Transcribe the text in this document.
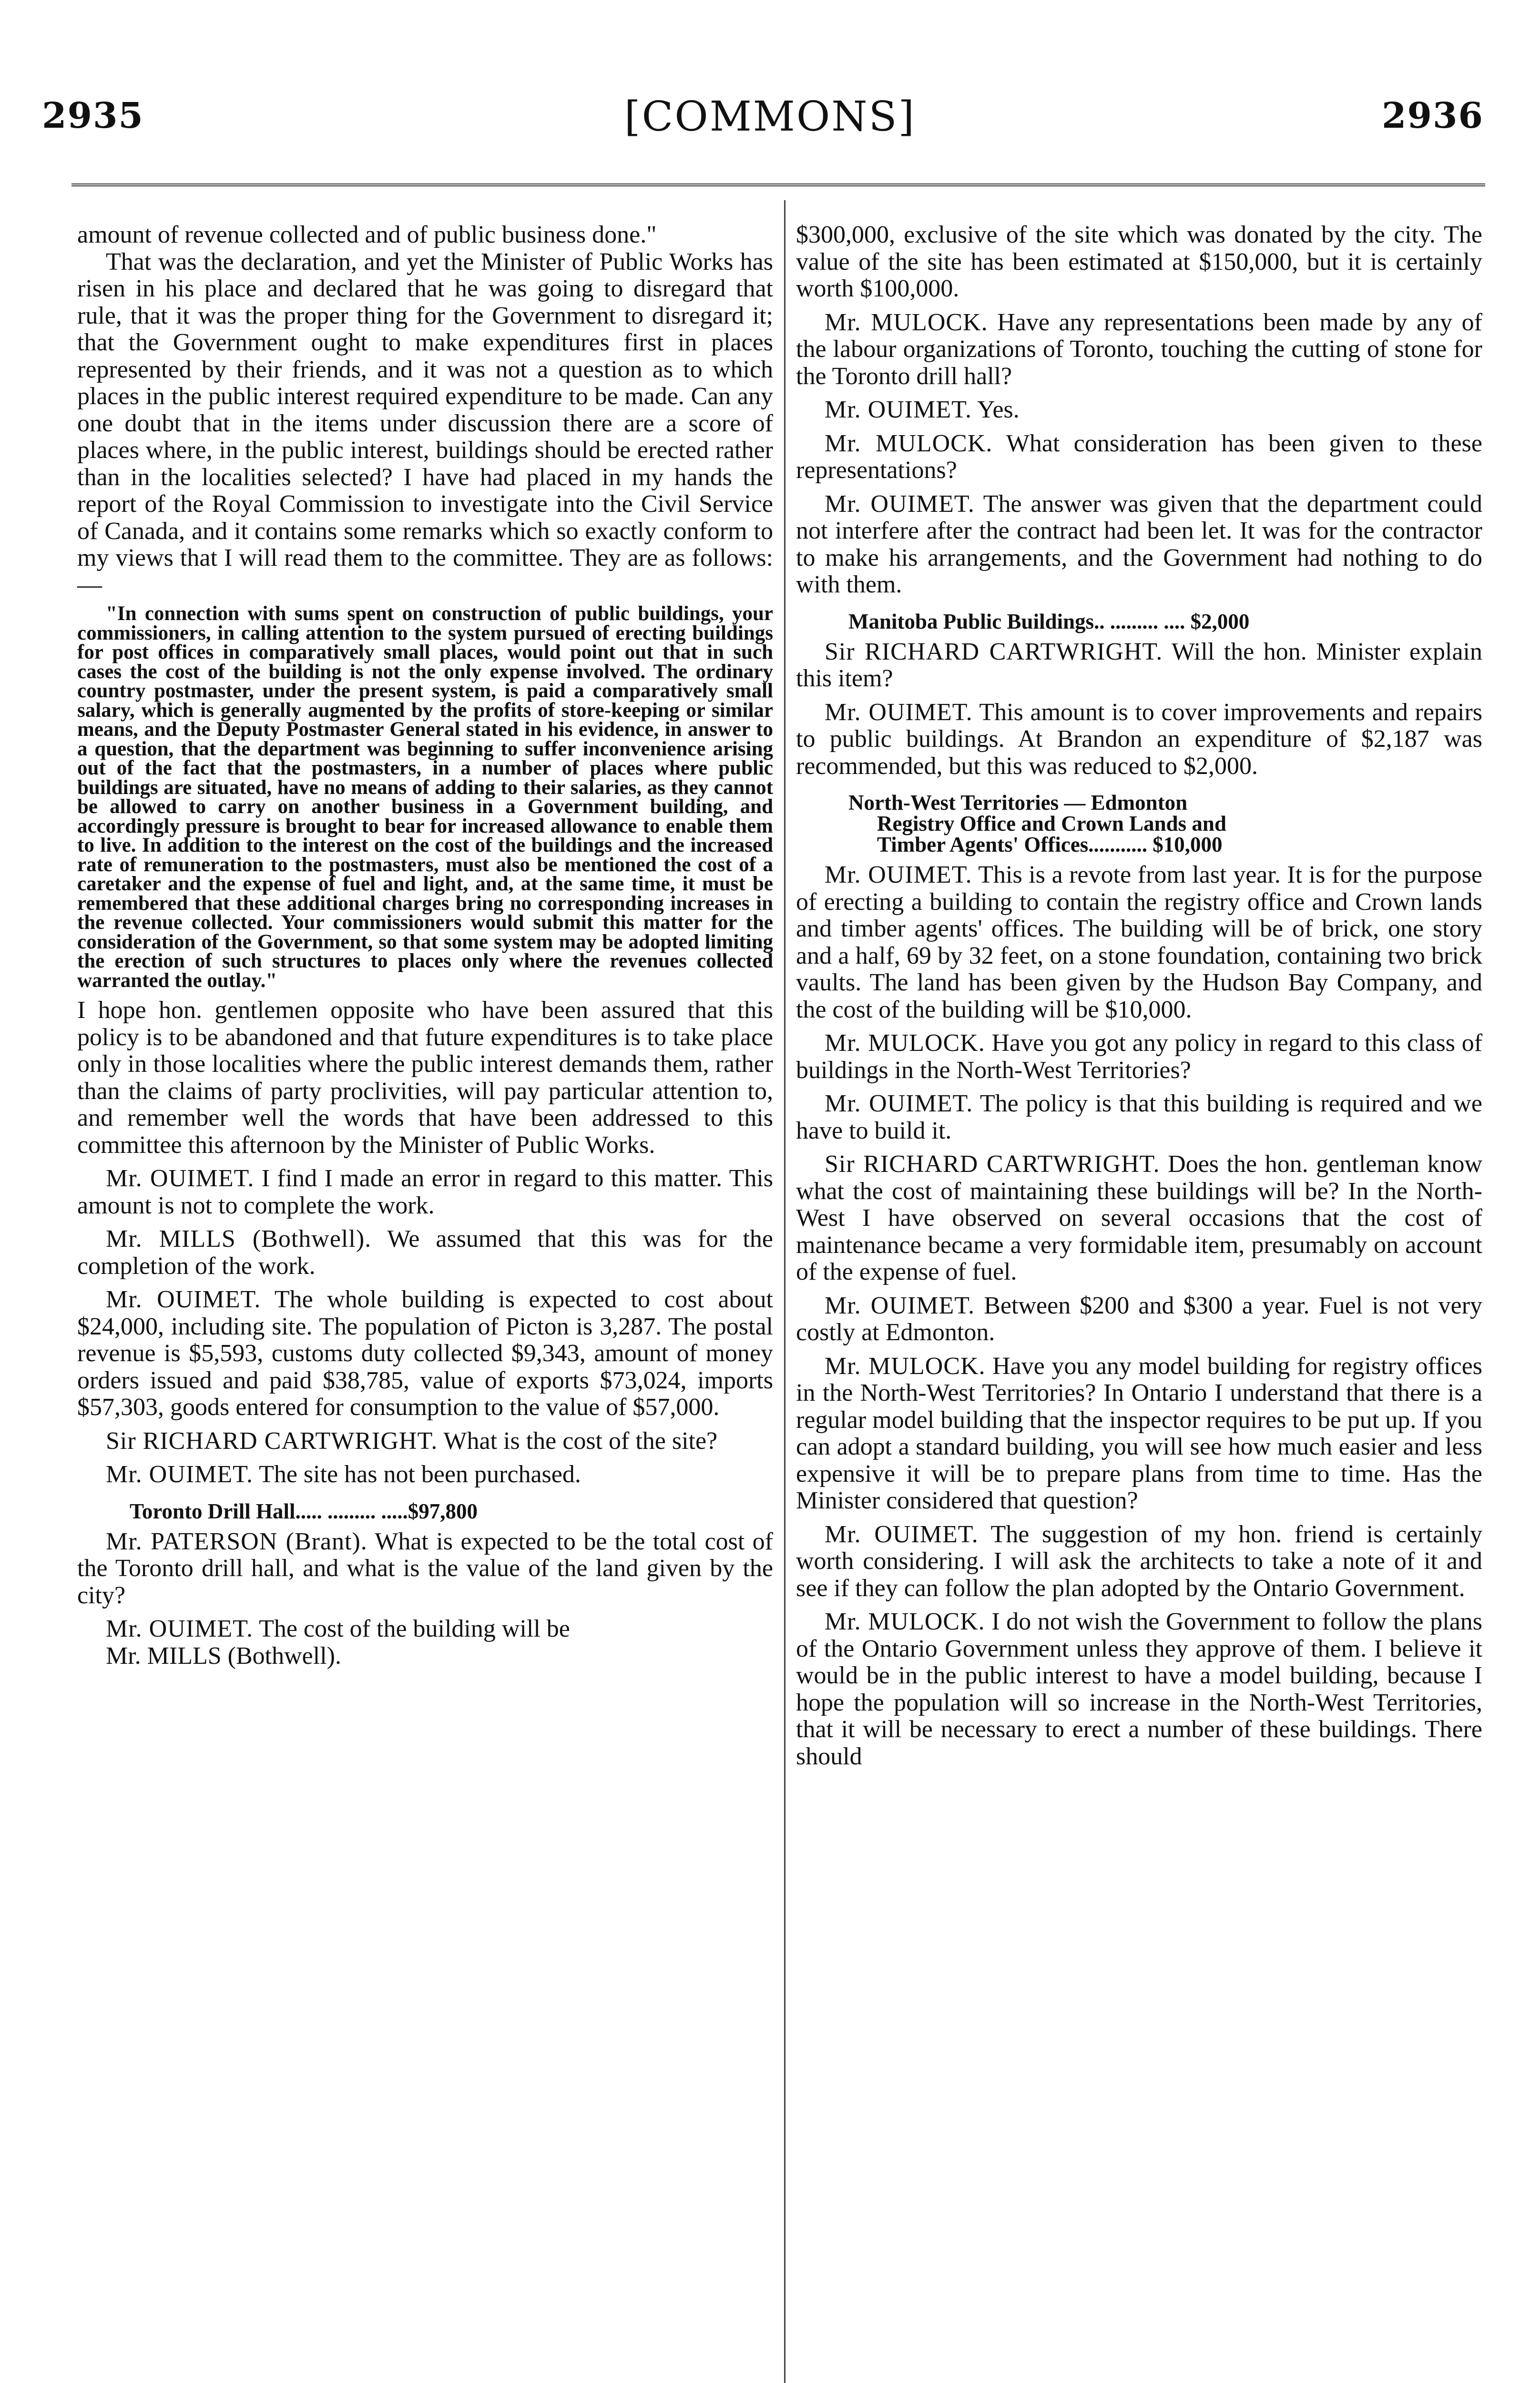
2935	[COMMONS]	2936

amount of revenue collected and of public business done."

That was the declaration, and yet the Minister of Public Works has risen in his place and declared that he was going to disregard that rule, that it was the proper thing for the Government to disregard it; that the Government ought to make expenditures first in places represented by their friends, and it was not a question as to which places in the public interest required expenditure to be made. Can any one doubt that in the items under discussion there are a score of places where, in the public interest, buildings should be erected rather than in the localities selected? I have had placed in my hands the report of the Royal Commission to investigate into the Civil Service of Canada, and it contains some remarks which so exactly conform to my views that I will read them to the committee. They are as follows:—

"In connection with sums spent on construction of public buildings, your commissioners, in calling attention to the system pursued of erecting buildings for post offices in comparatively small places, would point out that in such cases the cost of the building is not the only expense involved. The ordinary country postmaster, under the present system, is paid a comparatively small salary, which is generally augmented by the profits of store-keeping or similar means, and the Deputy Postmaster General stated in his evidence, in answer to a question, that the department was beginning to suffer inconvenience arising out of the fact that the postmasters, in a number of places where public buildings are situated, have no means of adding to their salaries, as they cannot be allowed to carry on another business in a Government building, and accordingly pressure is brought to bear for increased allowance to enable them to live. In addition to the interest on the cost of the buildings and the increased rate of remuneration to the postmasters, must also be mentioned the cost of a caretaker and the expense of fuel and light, and, at the same time, it must be remembered that these additional charges bring no corresponding increases in the revenue collected. Your commissioners would submit this matter for the consideration of the Government, so that some system may be adopted limiting the erection of such structures to places only where the revenues collected warranted the outlay."

I hope hon. gentlemen opposite who have been assured that this policy is to be abandoned and that future expenditures is to take place only in those localities where the public interest demands them, rather than the claims of party proclivities, will pay particular attention to, and remember well the words that have been addressed to this committee this afternoon by the Minister of Public Works.

Mr. OUIMET. I find I made an error in regard to this matter. This amount is not to complete the work.

Mr. MILLS (Bothwell). We assumed that this was for the completion of the work.

Mr. OUIMET. The whole building is expected to cost about $24,000, including site. The population of Picton is 3,287. The postal revenue is $5,593, customs duty collected $9,343, amount of money orders issued and paid $38,785, value of exports $73,024, imports $57,303, goods entered for consumption to the value of $57,000.

Sir RICHARD CARTWRIGHT. What is the cost of the site?

Mr. OUIMET. The site has not been purchased.

Toronto Drill Hall..... ......... .....$97,800

Mr. PATERSON (Brant). What is expected to be the total cost of the Toronto drill hall, and what is the value of the land given by the city?

Mr. OUIMET. The cost of the building will be

Mr. MILLS (Bothwell).

$300,000, exclusive of the site which was donated by the city. The value of the site has been estimated at $150,000, but it is certainly worth $100,000.

Mr. MULOCK. Have any representations been made by any of the labour organizations of Toronto, touching the cutting of stone for the Toronto drill hall?

Mr. OUIMET. Yes.

Mr. MULOCK. What consideration has been given to these representations?

Mr. OUIMET. The answer was given that the department could not interfere after the contract had been let. It was for the contractor to make his arrangements, and the Government had nothing to do with them.

Manitoba Public Buildings.. ......... .... $2,000

Sir RICHARD CARTWRIGHT. Will the hon. Minister explain this item?

Mr. OUIMET. This amount is to cover improvements and repairs to public buildings. At Brandon an expenditure of $2,187 was recommended, but this was reduced to $2,000.

North-West Territories — Edmonton
Registry Office and Crown Lands and
Timber Agents' Offices........... $10,000

Mr. OUIMET. This is a revote from last year. It is for the purpose of erecting a building to contain the registry office and Crown lands and timber agents' offices. The building will be of brick, one story and a half, 69 by 32 feet, on a stone foundation, containing two brick vaults. The land has been given by the Hudson Bay Company, and the cost of the building will be $10,000.

Mr. MULOCK. Have you got any policy in regard to this class of buildings in the North-West Territories?

Mr. OUIMET. The policy is that this building is required and we have to build it.

Sir RICHARD CARTWRIGHT. Does the hon. gentleman know what the cost of maintaining these buildings will be? In the North-West I have observed on several occasions that the cost of maintenance became a very formidable item, presumably on account of the expense of fuel.

Mr. OUIMET. Between $200 and $300 a year. Fuel is not very costly at Edmonton.

Mr. MULOCK. Have you any model building for registry offices in the North-West Territories? In Ontario I understand that there is a regular model building that the inspector requires to be put up. If you can adopt a standard building, you will see how much easier and less expensive it will be to prepare plans from time to time. Has the Minister considered that question?

Mr. OUIMET. The suggestion of my hon. friend is certainly worth considering. I will ask the architects to take a note of it and see if they can follow the plan adopted by the Ontario Government.

Mr. MULOCK. I do not wish the Government to follow the plans of the Ontario Government unless they approve of them. I believe it would be in the public interest to have a model building, because I hope the population will so increase in the North-West Territories, that it will be necessary to erect a number of these buildings. There should
